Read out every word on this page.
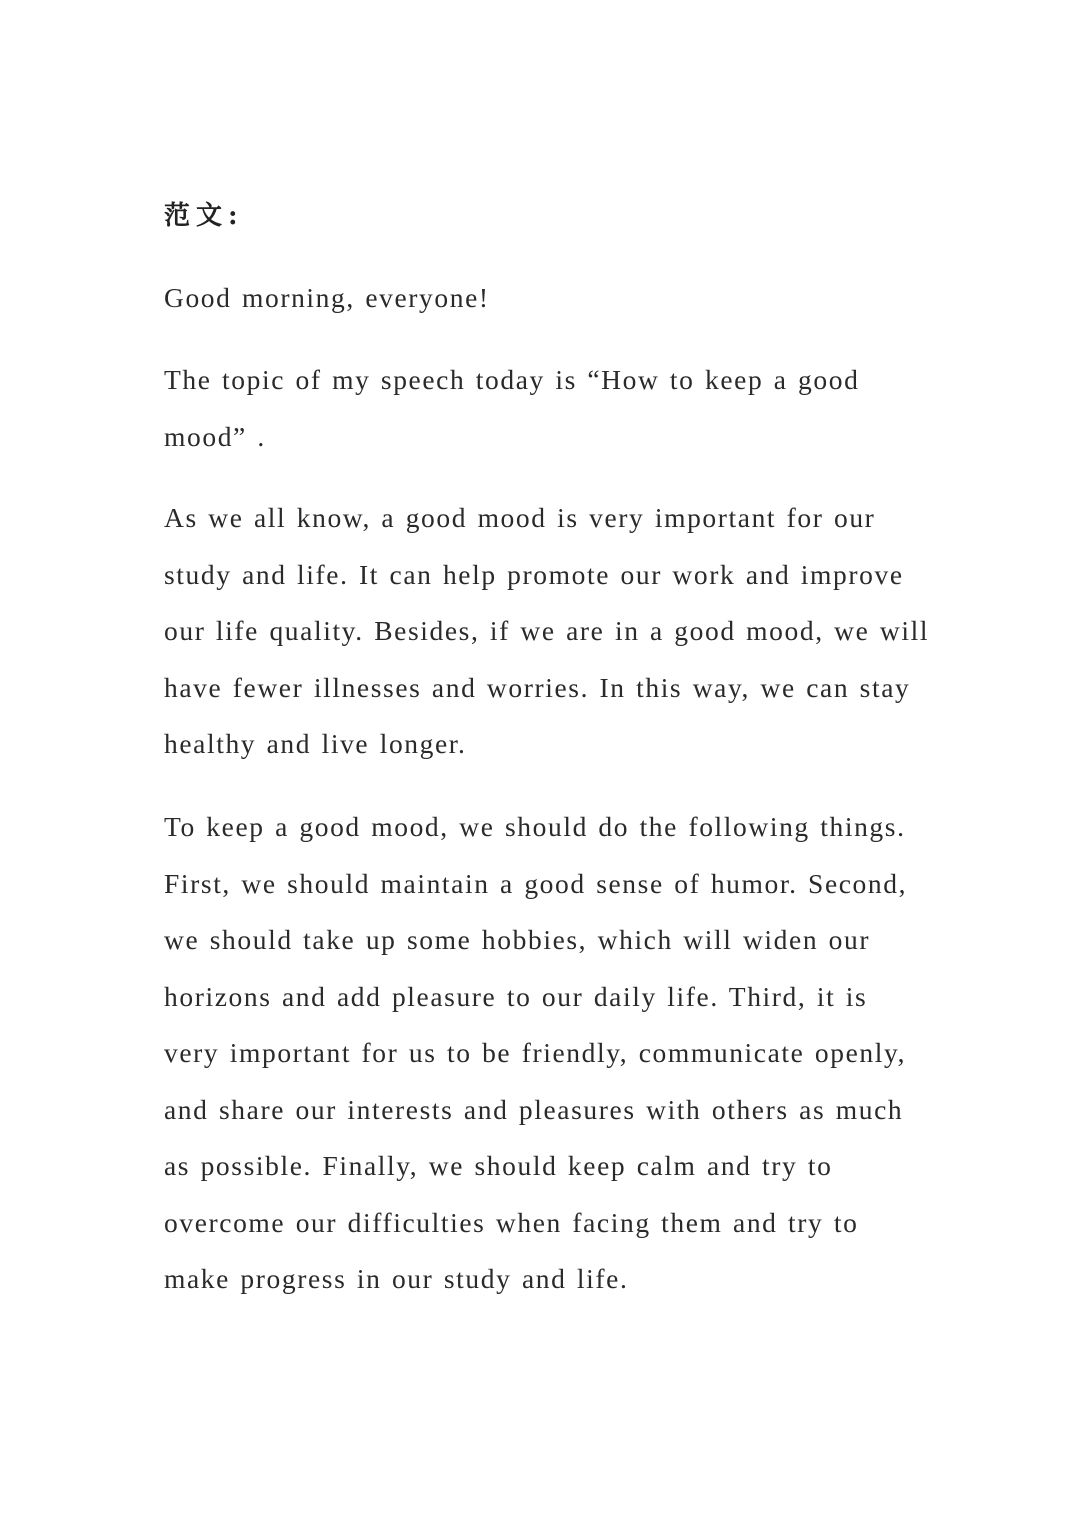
范文:

Good morning, everyone!

The topic of my speech today is “How to keep a good
mood” .

As we all know, a good mood is very important for our
study and life. It can help promote our work and improve
our life quality. Besides, if we are in a good mood, we will
have fewer illnesses and worries. In this way, we can stay
healthy and live longer.

To keep a good mood, we should do the following things.
First, we should maintain a good sense of humor. Second,
we should take up some hobbies, which will widen our
horizons and add pleasure to our daily life. Third, it is
very important for us to be friendly, communicate openly,
and share our interests and pleasures with others as much
as possible. Finally, we should keep calm and try to
overcome our difficulties when facing them and try to
make progress in our study and life.
